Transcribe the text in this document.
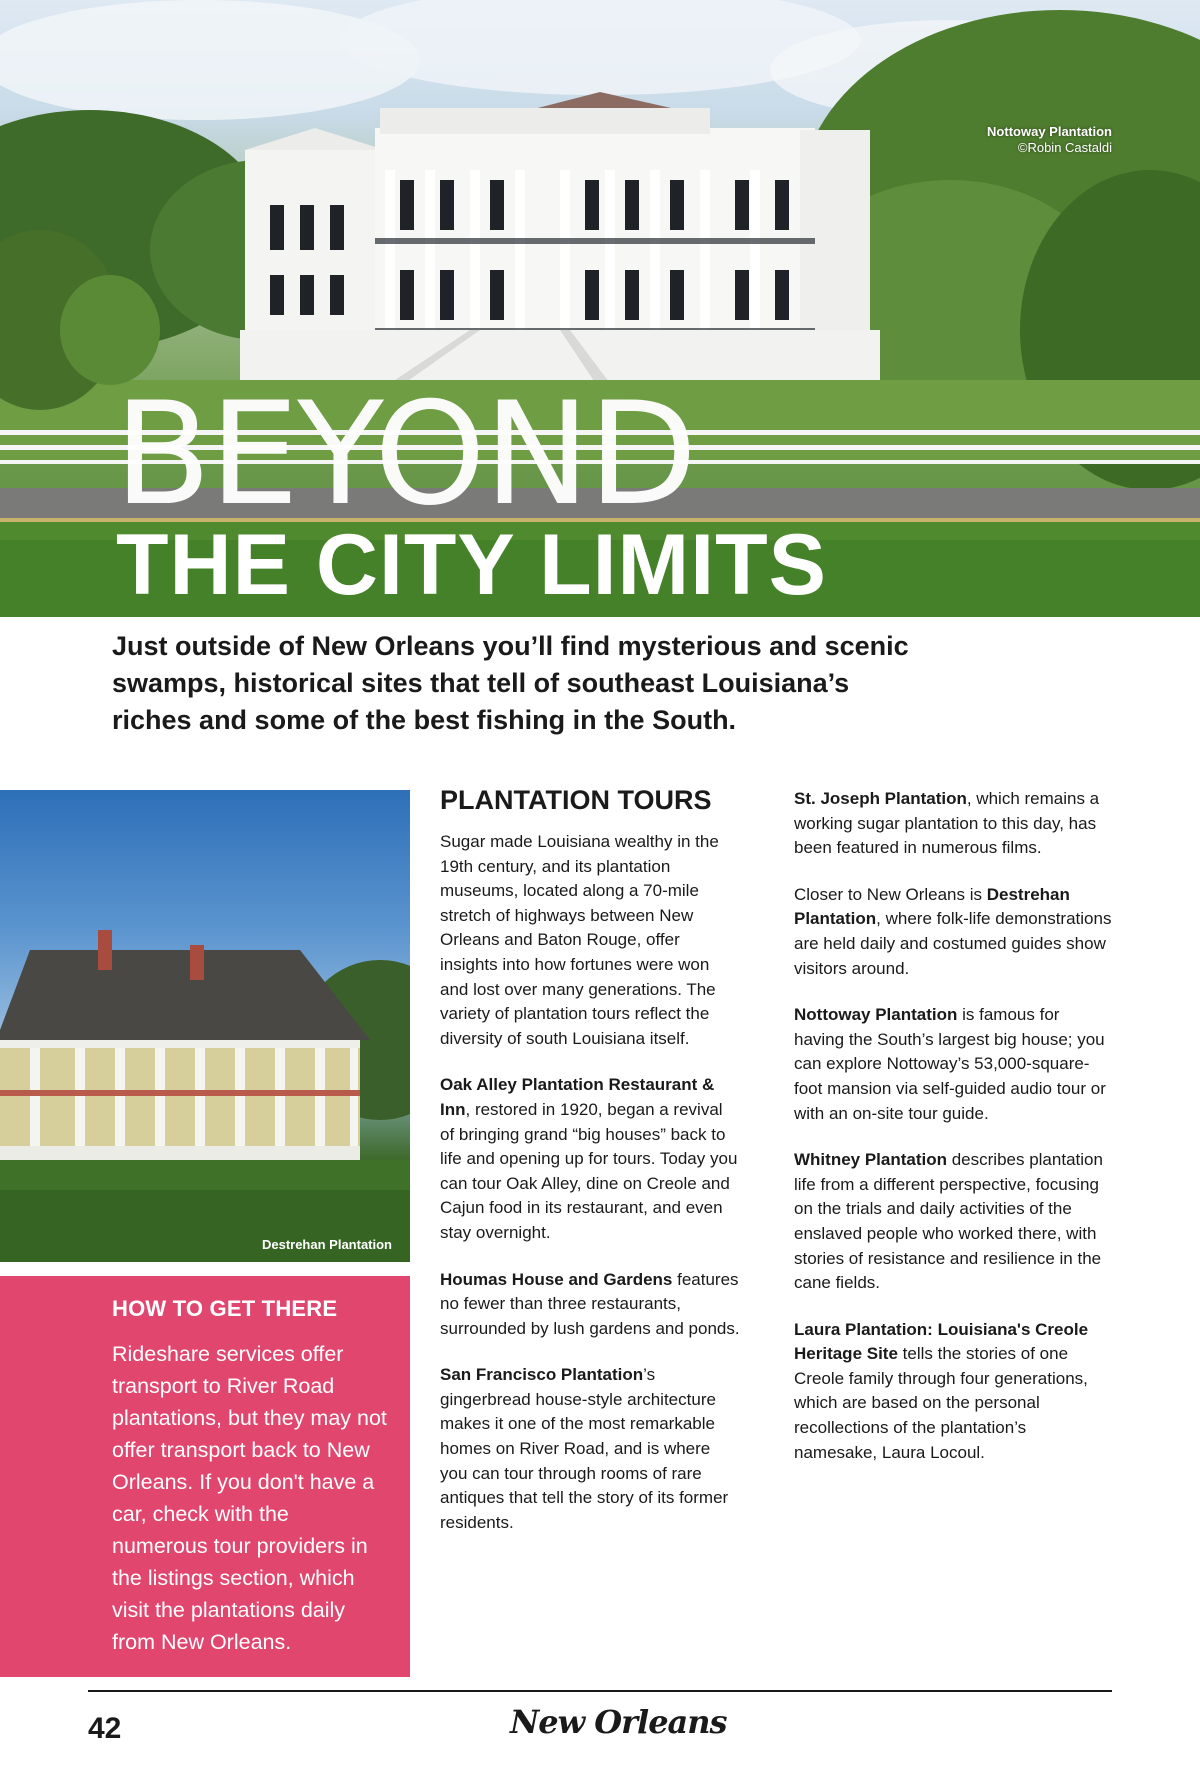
Nottoway Plantation
©Robin Castaldi
BEYOND
THE CITY LIMITS
Just outside of New Orleans you’ll find mysterious and scenic swamps, historical sites that tell of southeast Louisiana’s riches and some of the best fishing in the South.
Destrehan Plantation
HOW TO GET THERE

Rideshare services offer transport to River Road plantations, but they may not offer transport back to New Orleans. If you don't have a car, check with the numerous tour providers in the listings section, which visit the plantations daily from New Orleans.

PLANTATION TOURS

Sugar made Louisiana wealthy in the 19th century, and its plantation museums, located along a 70-mile stretch of highways between New Orleans and Baton Rouge, offer insights into how fortunes were won and lost over many generations. The variety of plantation tours reflect the diversity of south Louisiana itself.

Oak Alley Plantation Restaurant & Inn, restored in 1920, began a revival of bringing grand “big houses” back to life and opening up for tours. Today you can tour Oak Alley, dine on Creole and Cajun food in its restaurant, and even stay overnight.

Houmas House and Gardens features no fewer than three restaurants, surrounded by lush gardens and ponds.

San Francisco Plantation’s gingerbread house-style architecture makes it one of the most remarkable homes on River Road, and is where you can tour through rooms of rare antiques that tell the story of its former residents.

St. Joseph Plantation, which remains a working sugar plantation to this day, has been featured in numerous films.

Closer to New Orleans is Destrehan Plantation, where folk-life demonstrations are held daily and costumed guides show visitors around.

Nottoway Plantation is famous for having the South’s largest big house; you can explore Nottoway’s 53,000-square-foot mansion via self-guided audio tour or with an on-site tour guide.

Whitney Plantation describes plantation life from a different perspective, focusing on the trials and daily activities of the enslaved people who worked there, with stories of resistance and resilience in the cane fields.

Laura Plantation: Louisiana's Creole Heritage Site tells the stories of one Creole family through four generations, which are based on the personal recollections of the plantation’s namesake, Laura Locoul.

42	New Orleans
